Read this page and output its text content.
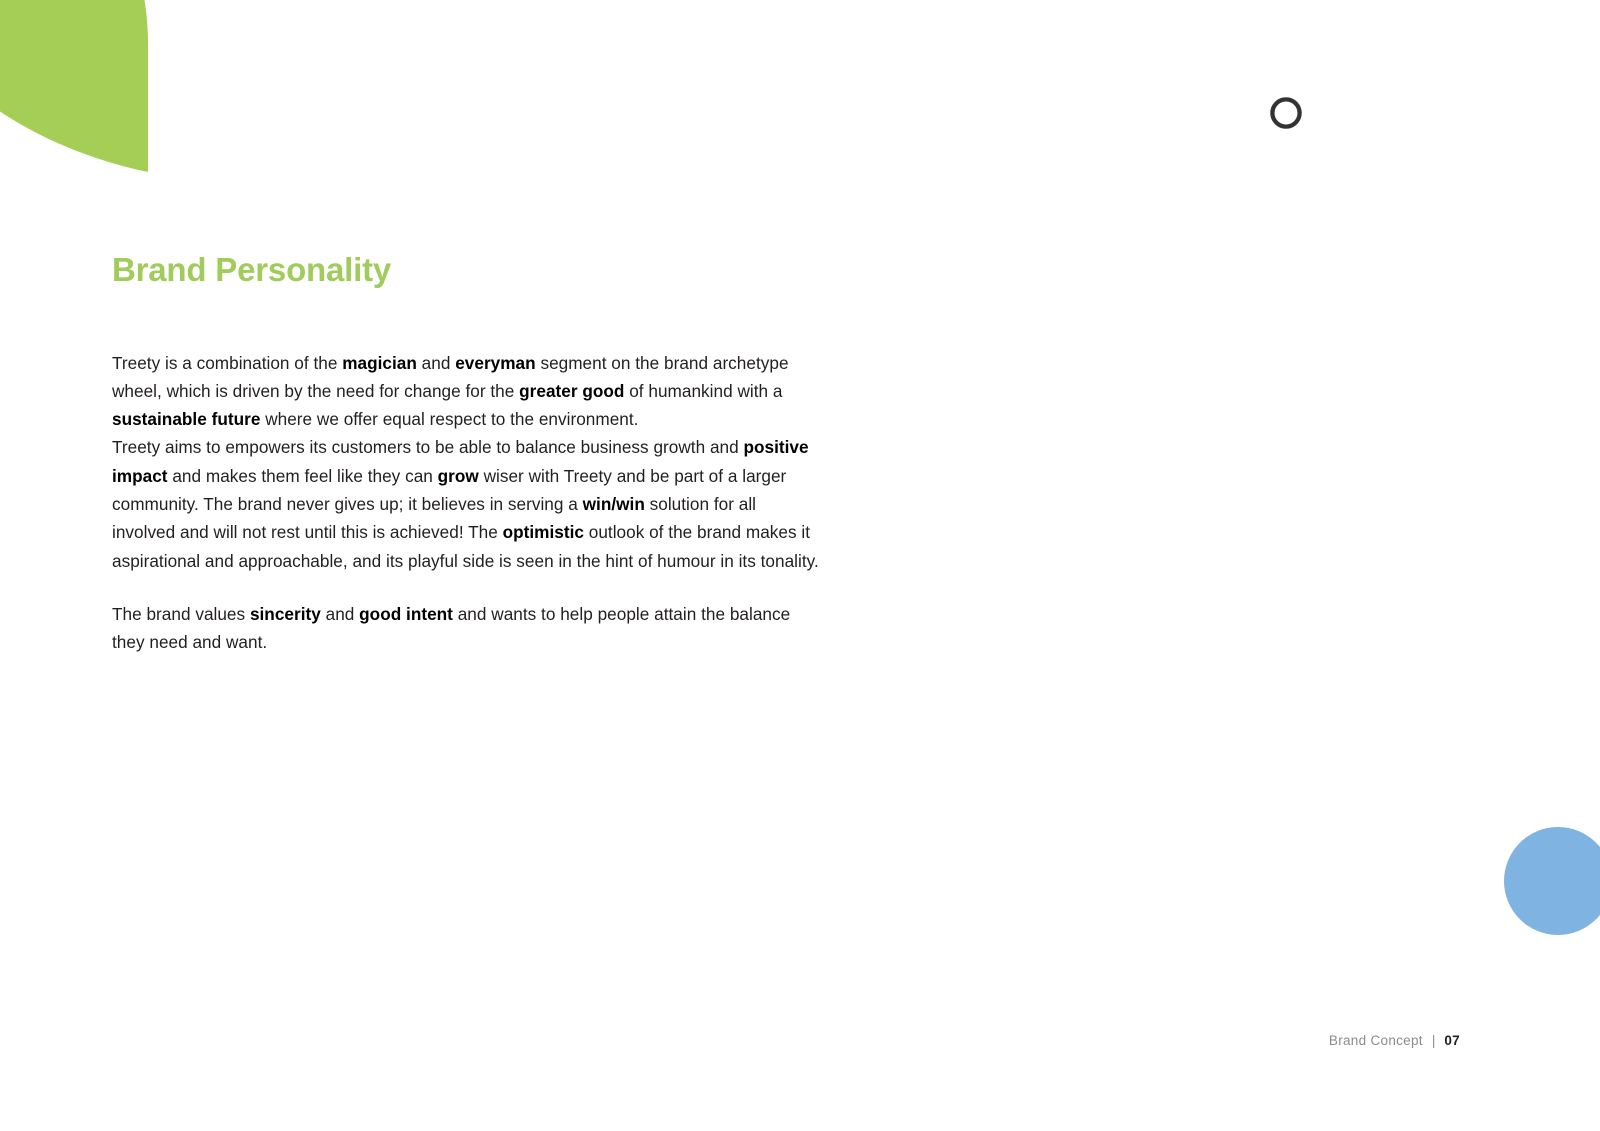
Brand Personality

Treety is a combination of the magician and everyman segment on the brand archetype wheel, which is driven by the need for change for the greater good of humankind with a sustainable future where we offer equal respect to the environment.

Treety aims to empowers its customers to be able to balance business growth and positive impact and makes them feel like they can grow wiser with Treety and be part of a larger community. The brand never gives up; it believes in serving a win/win solution for all involved and will not rest until this is achieved! The optimistic outlook of the brand makes it aspirational and approachable, and its playful side is seen in the hint of humour in its tonality.

The brand values sincerity and good intent and wants to help people attain the balance they need and want.

Brand Concept | 07
